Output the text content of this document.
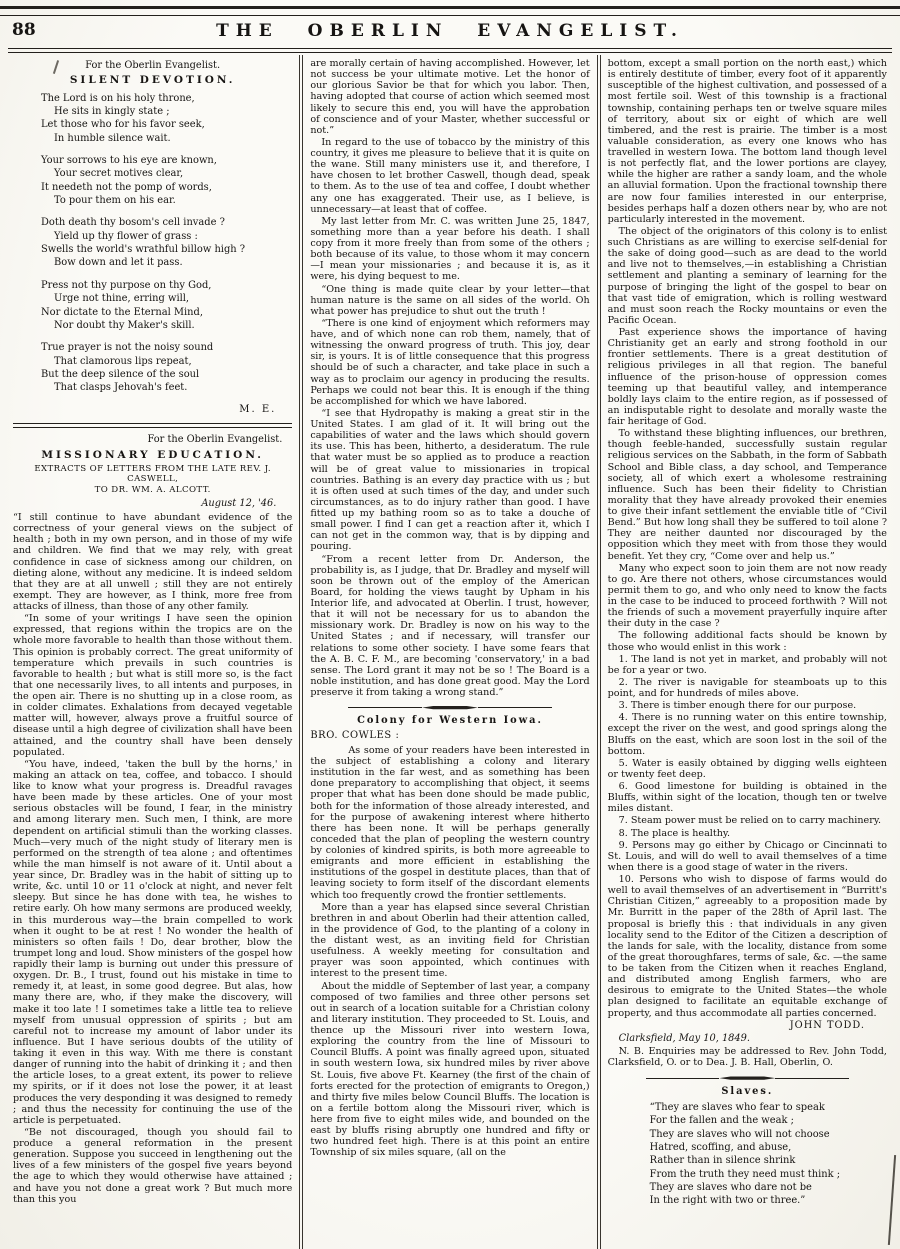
88	THE OBERLIN EVANGELIST.
For the Oberlin Evangelist.
SILENT DEVOTION.
The Lord is on his holy throne,
He sits in kingly state ;
Let those who for his favor seek,
In humble silence wait.
Your sorrows to his eye are known,
Your secret motives clear,
It needeth not the pomp of words,
To pour them on his ear.
Doth death thy bosom's cell invade ?
Yield up thy flower of grass :
Swells the world's wrathful billow high ?
Bow down and let it pass.
Press not thy purpose on thy God,
Urge not thine, erring will,
Nor dictate to the Eternal Mind,
Nor doubt thy Maker's skill.
True prayer is not the noisy sound
That clamorous lips repeat,
But the deep silence of the soul
That clasps Jehovah's feet.
M. E.
For the Oberlin Evangelist.
MISSIONARY EDUCATION.
EXTRACTS OF LETTERS FROM THE LATE REV. J. CASWELL,
TO DR. WM. A. ALCOTT.
August 12, '46.

“I still continue to have abundant evidence of the correctness of your general views on the subject of health ; both in my own person, and in those of my wife and children. We find that we may rely, with great confidence in case of sickness among our children, on dieting alone, without any medicine. It is indeed seldom that they are at all unwell ; still they are not entirely exempt. They are however, as I think, more free from attacks of illness, than those of any other family.

“In some of your writings I have seen the opinion expressed, that regions within the tropics are on the whole more favorable to health than those without them. This opinion is probably correct. The great uniformity of temperature which prevails in such countries is favorable to health ; but what is still more so, is the fact that one necessarily lives, to all intents and purposes, in the open air. There is no shutting up in a close room, as in colder climates. Exhalations from decayed vegetable matter will, however, always prove a fruitful source of disease until a high degree of civilization shall have been attained, and the country shall have been densely populated.

“You have, indeed, 'taken the bull by the horns,' in making an attack on tea, coffee, and tobacco. I should like to know what your progress is. Dreadful ravages have been made by these articles. One of your most serious obstacles will be found, I fear, in the ministry and among literary men. Such men, I think, are more dependent on artificial stimuli than the working classes. Much—very much of the night study of literary men is performed on the strength of tea alone ; and oftentimes while the man himself is not aware of it. Until about a year since, Dr. Bradley was in the habit of sitting up to write, &c. until 10 or 11 o'clock at night, and never felt sleepy. But since he has done with tea, he wishes to retire early. Oh how many sermons are produced weekly, in this murderous way—the brain compelled to work when it ought to be at rest ! No wonder the health of ministers so often fails ! Do, dear brother, blow the trumpet long and loud. Show ministers of the gospel how rapidly their lamp is burning out under this pressure of oxygen. Dr. B., I trust, found out his mistake in time to remedy it, at least, in some good degree. But alas, how many there are, who, if they make the discovery, will make it too late ! I sometimes take a little tea to relieve myself from unusual oppression of spirits ; but am careful not to increase my amount of labor under its influence. But I have serious doubts of the utility of taking it even in this way. With me there is constant danger of running into the habit of drinking it ; and then the article loses, to a great extent, its power to relieve my spirits, or if it does not lose the power, it at least produces the very desponding it was designed to remedy ; and thus the necessity for continuing the use of the article is perpetuated.

“Be not discouraged, though you should fail to produce a general reformation in the present generation. Suppose you succeed in lengthening out the lives of a few ministers of the gospel five years beyond the age to which they would otherwise have attained ; and have you not done a great work ? But much more than this you

are morally certain of having accomplished. However, let not success be your ultimate motive. Let the honor of our glorious Savior be that for which you labor. Then, having adopted that course of action which seemed most likely to secure this end, you will have the approbation of conscience and of your Master, whether successful or not.”

In regard to the use of tobacco by the ministry of this country, it gives me pleasure to believe that it is quite on the wane. Still many ministers use it, and therefore, I have chosen to let brother Caswell, though dead, speak to them. As to the use of tea and coffee, I doubt whether any one has exaggerated. Their use, as I believe, is unnecessary—at least that of coffee.

My last letter from Mr. C. was written June 25, 1847, something more than a year before his death. I shall copy from it more freely than from some of the others ; both because of its value, to those whom it may concern —I mean your missionaries ; and because it is, as it were, his dying bequest to me.

“One thing is made quite clear by your letter—that human nature is the same on all sides of the world. Oh what power has prejudice to shut out the truth !

“There is one kind of enjoyment which reformers may have, and of which none can rob them, namely, that of witnessing the onward progress of truth. This joy, dear sir, is yours. It is of little consequence that this progress should be of such a character, and take place in such a way as to proclaim our agency in producing the results. Perhaps we could not bear this. It is enough if the thing be accomplished for which we have labored.

“I see that Hydropathy is making a great stir in the United States. I am glad of it. It will bring out the capabilities of water and the laws which should govern its use. This has been, hitherto, a desideratum. The rule that water must be so applied as to produce a reaction will be of great value to missionaries in tropical countries. Bathing is an every day practice with us ; but it is often used at such times of the day, and under such circumstances, as to do injury rather than good. I have fitted up my bathing room so as to take a douche of small power. I find I can get a reaction after it, which I can not get in the common way, that is by dipping and pouring.

“From a recent letter from Dr. Anderson, the probability is, as I judge, that Dr. Bradley and myself will soon be thrown out of the employ of the American Board, for holding the views taught by Upham in his Interior life, and advocated at Oberlin. I trust, however, that it will not be necessary for us to abandon the missionary work. Dr. Bradley is now on his way to the United States ; and if necessary, will transfer our relations to some other society. I have some fears that the A. B. C. F. M., are becoming 'conservatory,' in a bad sense. The Lord grant it may not be so ! The Board is a noble institution, and has done great good. May the Lord preserve it from taking a wrong stand.”

Colony for Western Iowa.
BRO. COWLES :

As some of your readers have been interested in the subject of establishing a colony and literary institution in the far west, and as something has been done preparatory to accomplishing that object, it seems proper that what has been done should be made public, both for the information of those already interested, and for the purpose of awakening interest where hitherto there has been none. It will be perhaps generally conceded that the plan of peopling the western country by colonies of kindred spirits, is both more agreeable to emigrants and more efficient in establishing the institutions of the gospel in destitute places, than that of leaving society to form itself of the discordant elements which too frequently crowd the frontier settlements.

More than a year has elapsed since several Christian brethren in and about Oberlin had their attention called, in the providence of God, to the planting of a colony in the distant west, as an inviting field for Christian usefulness. A weekly meeting for consultation and prayer was soon appointed, which continues with interest to the present time.

About the middle of September of last year, a company composed of two families and three other persons set out in search of a location suitable for a Christian colony and literary institution. They proceeded to St. Louis, and thence up the Missouri river into western Iowa, exploring the country from the line of Missouri to Council Bluffs. A point was finally agreed upon, situated in south western Iowa, six hundred miles by river above St. Louis, five above Ft. Kearney (the first of the chain of forts erected for the protection of emigrants to Oregon,) and thirty five miles below Council Bluffs. The location is on a fertile bottom along the Missouri river, which is here from five to eight miles wide, and bounded on the east by bluffs rising abruptly one hundred and fifty or two hundred feet high. There is at this point an entire Township of six miles square, (all on the

bottom, except a small portion on the north east,) which is entirely destitute of timber, every foot of it apparently susceptible of the highest cultivation, and possessed of a most fertile soil. West of this township is a fractional township, containing perhaps ten or twelve square miles of territory, about six or eight of which are well timbered, and the rest is prairie. The timber is a most valuable consideration, as every one knows who has travelled in western Iowa. The bottom land though level is not perfectly flat, and the lower portions are clayey, while the higher are rather a sandy loam, and the whole an alluvial formation. Upon the fractional township there are now four families interested in our enterprise, besides perhaps half a dozen others near by, who are not particularly interested in the movement.

The object of the originators of this colony is to enlist such Christians as are willing to exercise self-denial for the sake of doing good—such as are dead to the world and live not to themselves,—in establishing a Christian settlement and planting a seminary of learning for the purpose of bringing the light of the gospel to bear on that vast tide of emigration, which is rolling westward and must soon reach the Rocky mountains or even the Pacific Ocean.

Past experience shows the importance of having Christianity get an early and strong foothold in our frontier settlements. There is a great destitution of religious privileges in all that region. The baneful influence of the prison-house of oppression comes teeming up that beautiful valley, and intemperance boldly lays claim to the entire region, as if possessed of an indisputable right to desolate and morally waste the fair heritage of God.

To withstand these blighting influences, our brethren, though feeble-handed, successfully sustain regular religious services on the Sabbath, in the form of Sabbath School and Bible class, a day school, and Temperance society, all of which exert a wholesome restraining influence. Such has been their fidelity to Christian morality that they have already provoked their enemies to give their infant settlement the enviable title of “Civil Bend.” But how long shall they be suffered to toil alone ? They are neither daunted nor discouraged by the opposition which they meet with from those they would benefit. Yet they cry, “Come over and help us.”

Many who expect soon to join them are not now ready to go. Are there not others, whose circumstances would permit them to go, and who only need to know the facts in the case to be induced to proceed forthwith ? Will not the friends of such a movement prayerfully inquire after their duty in the case ?

The following additional facts should be known by those who would enlist in this work :

1. The land is not yet in market, and probably will not be for a year or two.

2. The river is navigable for steamboats up to this point, and for hundreds of miles above.

3. There is timber enough there for our purpose.

4. There is no running water on this entire township, except the river on the west, and good springs along the Bluffs on the east, which are soon lost in the soil of the bottom.

5. Water is easily obtained by digging wells eighteen or twenty feet deep.

6. Good limestone for building is obtained in the Bluffs, within sight of the location, though ten or twelve miles distant.

7. Steam power must be relied on to carry machinery.

8. The place is healthy.

9. Persons may go either by Chicago or Cincinnati to St. Louis, and will do well to avail themselves of a time when there is a good stage of water in the rivers.

10. Persons who wish to dispose of farms would do well to avail themselves of an advertisement in “Burritt's Christian Citizen,” agreeably to a proposition made by Mr. Burritt in the paper of the 28th of April last. The proposal is briefly this : that individuals in any given locality send to the Editor of the Citizen a description of the lands for sale, with the locality, distance from some of the great thoroughfares, terms of sale, &c. —the same to be taken from the Citizen when it reaches England, and distributed among English farmers, who are desirous to emigrate to the United States—the whole plan designed to facilitate an equitable exchange of property, and thus accommodate all parties concerned.

JOHN TODD.
Clarksfield, May 10, 1849.

N. B. Enquiries may be addressed to Rev. John Todd, Clarksfield, O. or to Dea. J. B. Hall, Oberlin, O.

Slaves.
“They are slaves who fear to speak
For the fallen and the weak ;
They are slaves who will not choose
Hatred, scoffing, and abuse,
Rather than in silence shrink
From the truth they need must think ;
They are slaves who dare not be
In the right with two or three.”
